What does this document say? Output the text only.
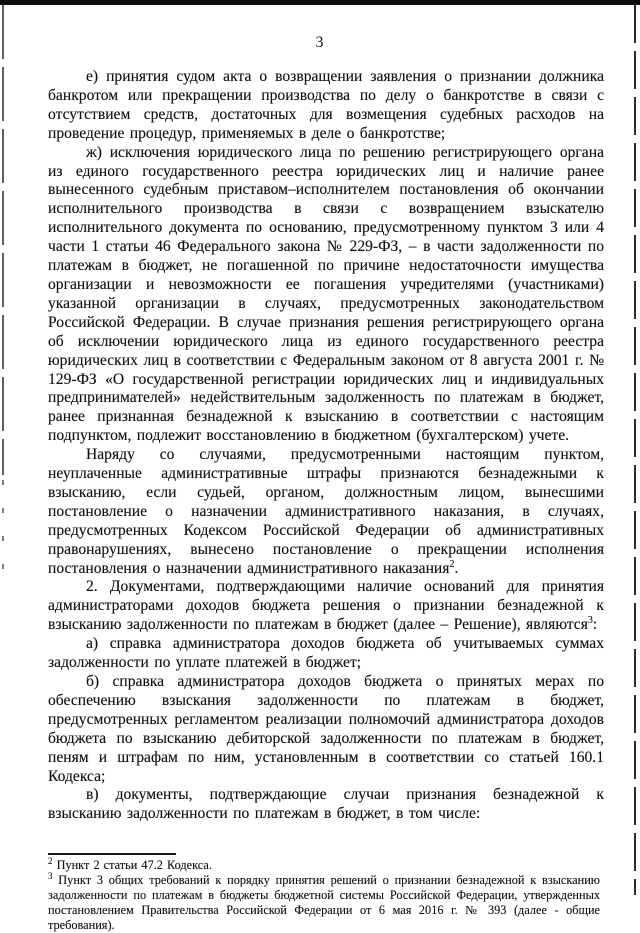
3

е) принятия судом акта о возвращении заявления о признании должника банкротом или прекращении производства по делу о банкротстве в связи с отсутствием средств, достаточных для возмещения судебных расходов на проведение процедур, применяемых в деле о банкротстве;

ж) исключения юридического лица по решению регистрирующего органа из единого государственного реестра юридических лиц и наличие ранее вынесенного судебным приставом–исполнителем постановления об окончании исполнительного производства в связи с возвращением взыскателю исполнительного документа по основанию, предусмотренному пунктом 3 или 4 части 1 статьи 46 Федерального закона № 229-ФЗ, – в части задолженности по платежам в бюджет, не погашенной по причине недостаточности имущества организации и невозможности ее погашения учредителями (участниками) указанной организации в случаях, предусмотренных законодательством Российской Федерации. В случае признания решения регистрирующего органа об исключении юридического лица из единого государственного реестра юридических лиц в соответствии с Федеральным законом от 8 августа 2001 г. № 129-ФЗ «О государственной регистрации юридических лиц и индивидуальных предпринимателей» недействительным задолженность по платежам в бюджет, ранее признанная безнадежной к взысканию в соответствии с настоящим подпунктом, подлежит восстановлению в бюджетном (бухгалтерском) учете.

Наряду со случаями, предусмотренными настоящим пунктом, неуплаченные административные штрафы признаются безнадежными к взысканию, если судьей, органом, должностным лицом, вынесшими постановление о назначении административного наказания, в случаях, предусмотренных Кодексом Российской Федерации об административных правонарушениях, вынесено постановление о прекращении исполнения постановления о назначении административного наказания$^2$.

2. Документами, подтверждающими наличие оснований для принятия администраторами доходов бюджета решения о признании безнадежной к взысканию задолженности по платежам в бюджет (далее – Решение), являются$^3$:

а) справка администратора доходов бюджета об учитываемых суммах задолженности по уплате платежей в бюджет;

б) справка администратора доходов бюджета о принятых мерах по обеспечению взыскания задолженности по платежам в бюджет, предусмотренных регламентом реализации полномочий администратора доходов бюджета по взысканию дебиторской задолженности по платежам в бюджет, пеням и штрафам по ним, установленным в соответствии со статьей 160.1 Кодекса;

в) документы, подтверждающие случаи признания безнадежной к взысканию задолженности по платежам в бюджет, в том числе:

$^2$ Пункт 2 статьи 47.2 Кодекса.

$^3$ Пункт 3 общих требований к порядку принятия решений о признании безнадежной к взысканию задолженности по платежам в бюджеты бюджетной системы Российской Федерации, утвержденных постановлением Правительства Российской Федерации от 6 мая 2016 г. № 393 (далее - общие требования).
